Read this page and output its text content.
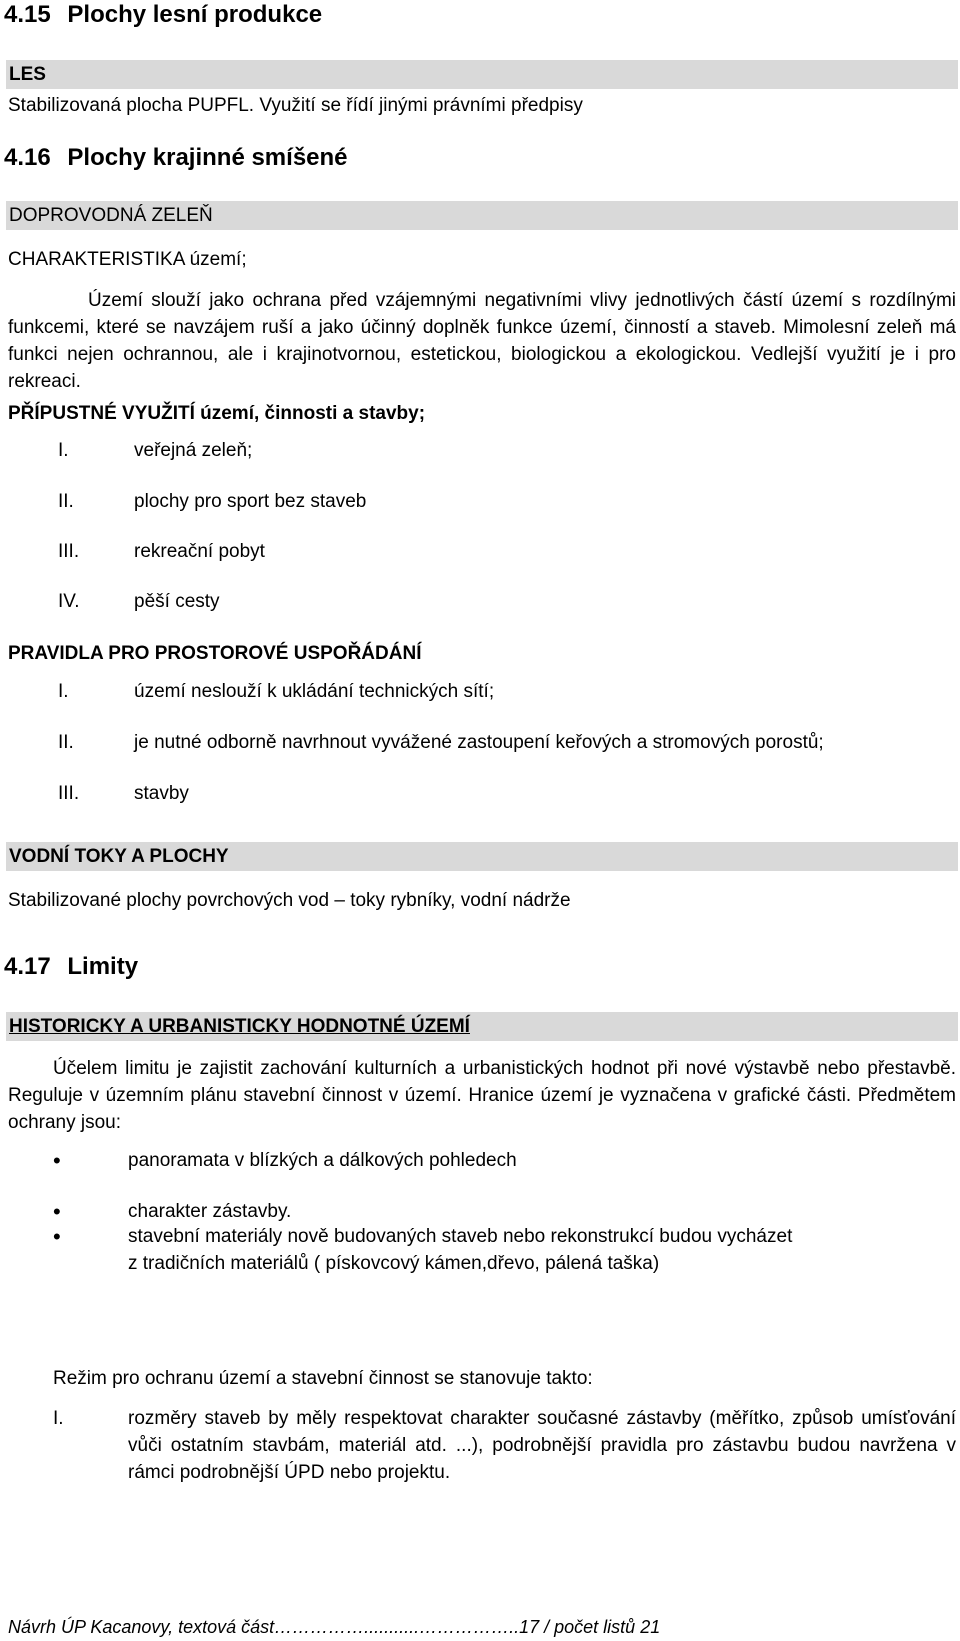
4.15 Plochy lesní produkce
LES
Stabilizovaná plocha PUPFL. Využití se řídí jinými právními předpisy
4.16 Plochy krajinné smíšené
DOPROVODNÁ ZELEŇ
CHARAKTERISTIKA území;
Území slouží jako ochrana před vzájemnými negativními vlivy jednotlivých částí území s rozdílnými funkcemi, které se navzájem ruší a jako účinný doplněk funkce území, činností a staveb. Mimolesní zeleň má funkci nejen ochrannou, ale i krajinotvornou, estetickou, biologickou a ekologickou. Vedlejší využití je i pro rekreaci.
PŘÍPUSTNÉ VYUŽITÍ území, činnosti a stavby;
I.	veřejná zeleň;
II.	plochy pro sport bez staveb
III.	rekreační pobyt
IV.	pěší cesty
PRAVIDLA PRO PROSTOROVÉ USPOŘÁDÁNÍ
I.	území neslouží k ukládání technických sítí;
II.	je nutné odborně navrhnout vyvážené zastoupení keřových a stromových porostů;
III.	stavby
VODNÍ TOKY A PLOCHY
Stabilizované plochy povrchových vod – toky rybníky, vodní nádrže
4.17 Limity
HISTORICKY A URBANISTICKY HODNOTNÉ ÚZEMÍ
Účelem limitu je zajistit zachování kulturních a urbanistických hodnot při nové výstavbě nebo přestavbě. Reguluje v územním plánu stavební činnost v území. Hranice území je vyznačena v grafické části. Předmětem ochrany jsou:
•	panoramata v blízkých a dálkových pohledech
•	charakter zástavby.
•	stavební materiály nově budovaných staveb nebo rekonstrukcí budou vycházet
z tradičních materiálů ( pískovcový kámen,dřevo, pálená taška)
Režim pro ochranu území a stavební činnost se stanovuje takto:
I.	rozměry staveb by měly respektovat charakter současné zástavby (měřítko, způsob umísťování vůči ostatním stavbám, materiál atd. ...), podrobnější pravidla pro zástavbu budou navržena v rámci podrobnější ÚPD nebo projektu.
Návrh ÚP Kacanovy, textová část……………...........……………..17 / počet listů 21
